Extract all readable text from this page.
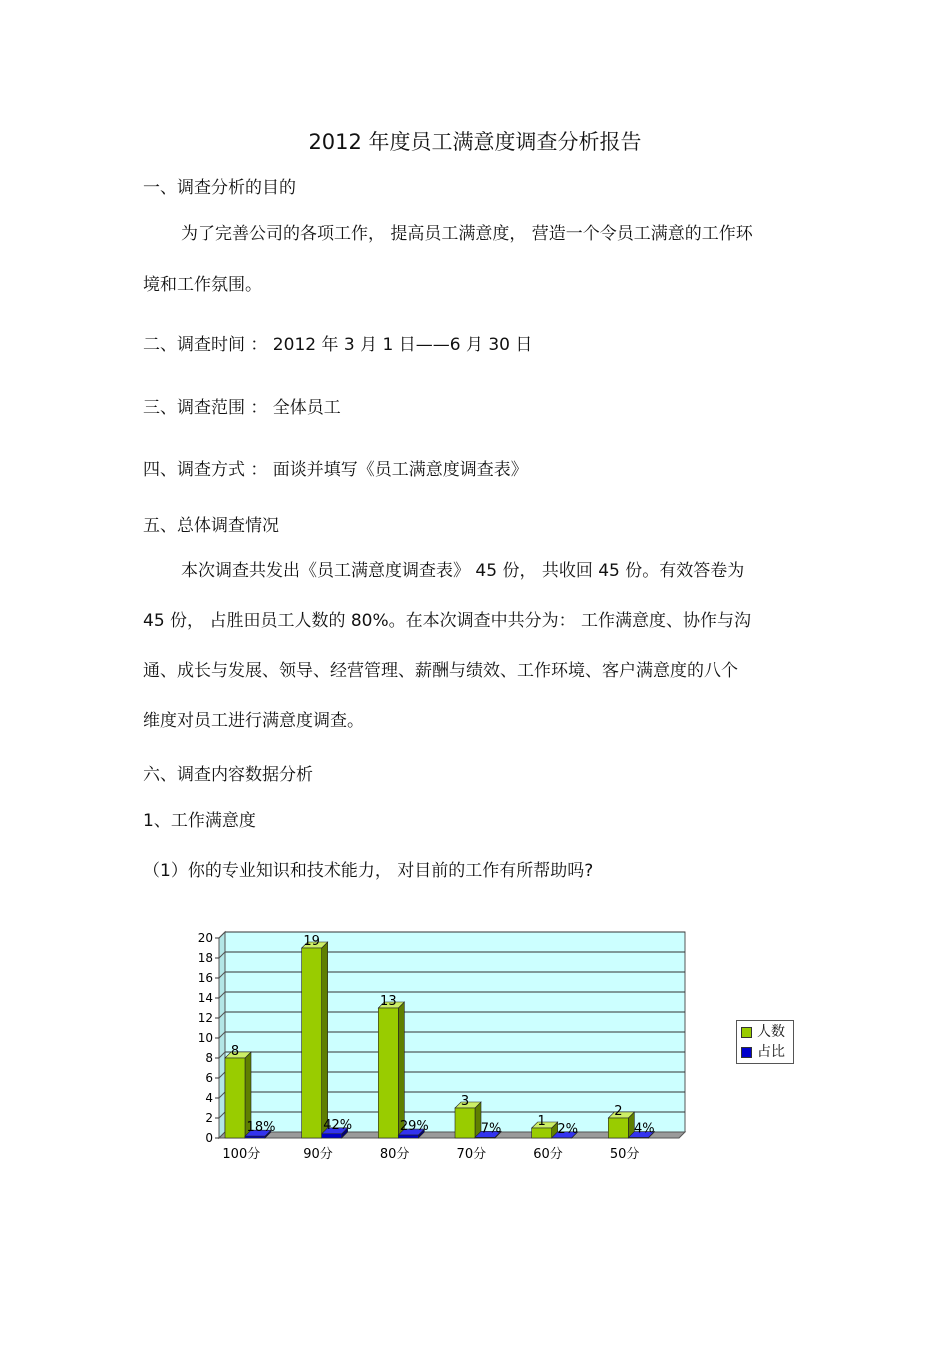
2012 年度员工满意度调查分析报告
一、调查分析的目的
为了完善公司的各项工作， 提高员工满意度， 营造一个令员工满意的工作环
境和工作氛围。
二、调查时间 ： 2012 年 3 月 1 日——6 月 30 日
三、调查范围 ： 全体员工
四、调查方式 ： 面谈并填写《员工满意度调查表》
五、总体调查情况
本次调查共发出《员工满意度调查表》 45 份， 共收回 45 份。有效答卷为
45 份， 占胜田员工人数的 80%。在本次调查中共分为： 工作满意度、协作与沟
通、成长与发展、领导、经营管理、薪酬与绩效、工作环境、客户满意度的八个
维度对员工进行满意度调查。
六、调查内容数据分析
1、工作满意度
（1）你的专业知识和技术能力， 对目前的工作有所帮助吗?
0
2
4
6
8
10
12
14
16
18
20
8
18%
100分
19
42%
90分
13
29%
80分
3
7%
70分
1
2%
60分
2
4%
50分
人数
占比
